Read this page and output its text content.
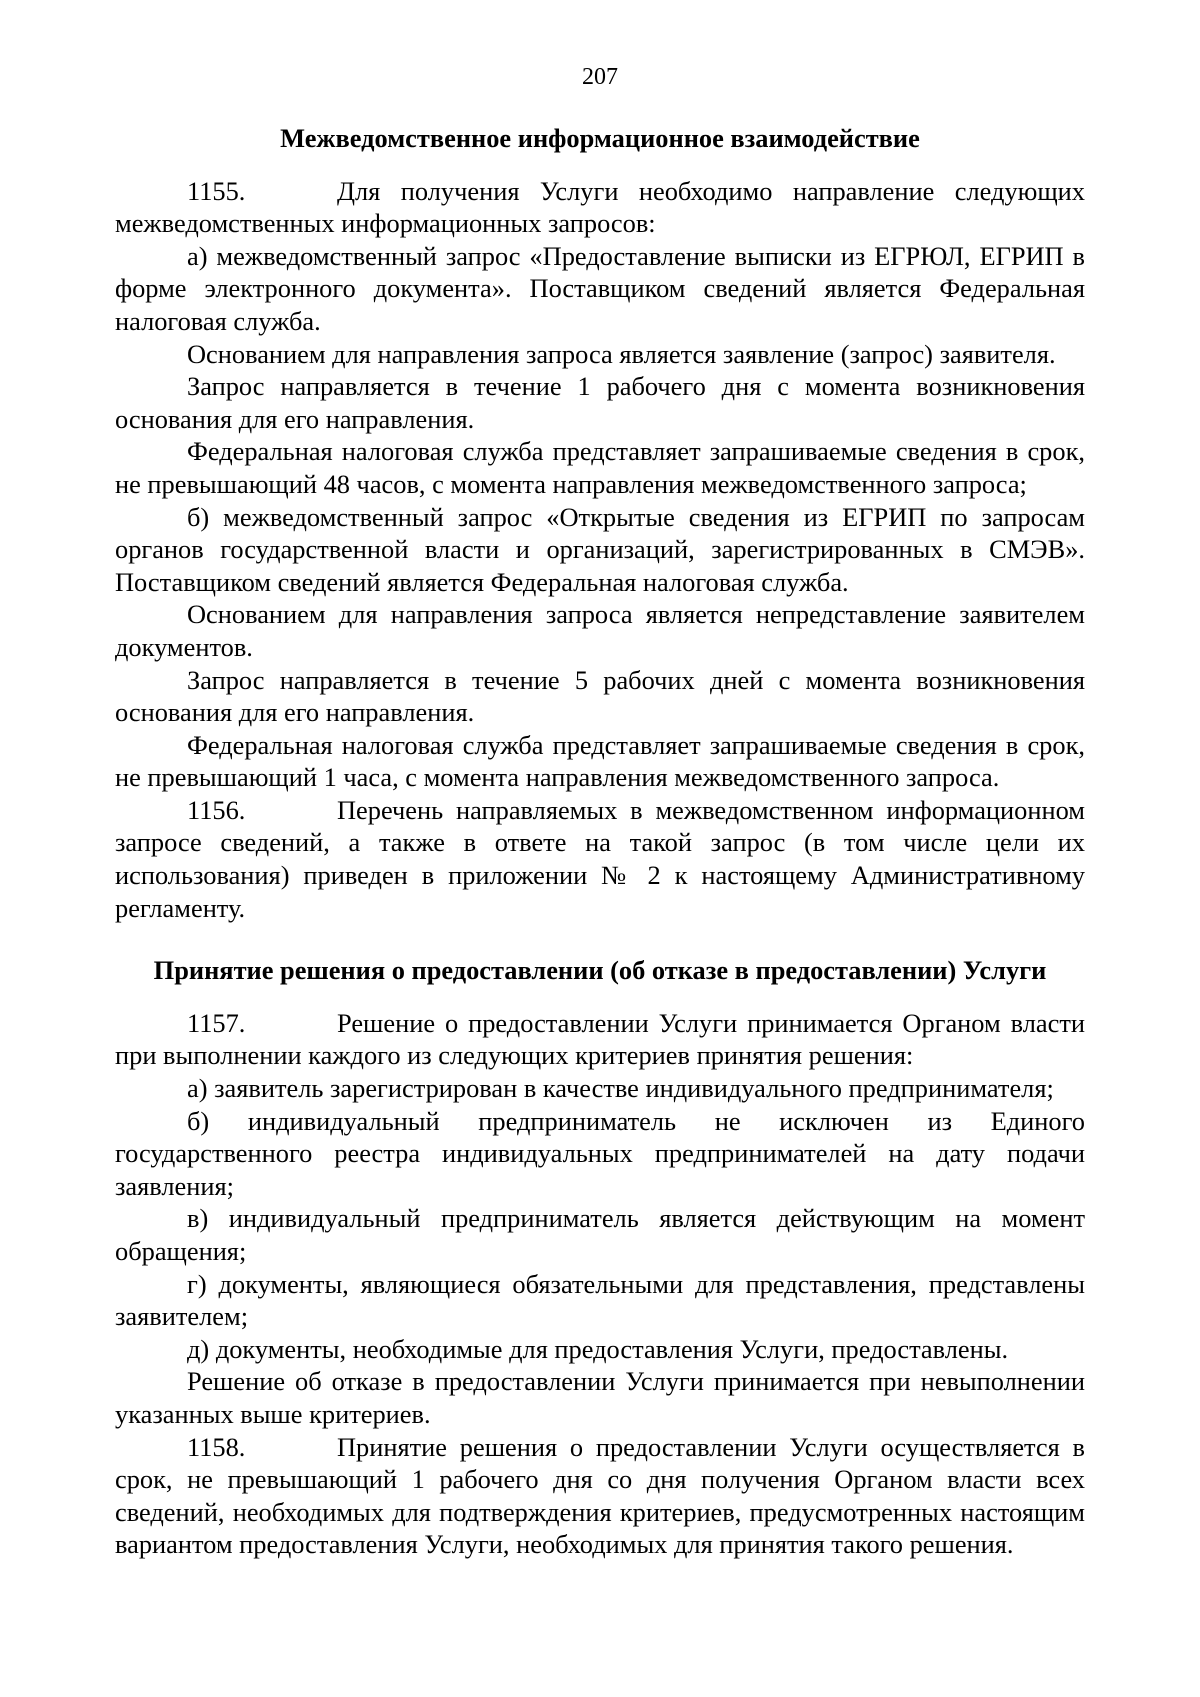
207
Межведомственное информационное взаимодействие

1155.	Для получения Услуги необходимо направление следующих межведомственных информационных запросов:

а) межведомственный запрос «Предоставление выписки из ЕГРЮЛ, ЕГРИП в форме электронного документа». Поставщиком сведений является Федеральная налоговая служба.

Основанием для направления запроса является заявление (запрос) заявителя.

Запрос направляется в течение 1 рабочего дня с момента возникновения основания для его направления.

Федеральная налоговая служба представляет запрашиваемые сведения в срок, не превышающий 48 часов, с момента направления межведомственного запроса;

б) межведомственный запрос «Открытые сведения из ЕГРИП по запросам органов государственной власти и организаций, зарегистрированных в СМЭВ». Поставщиком сведений является Федеральная налоговая служба.

Основанием для направления запроса является непредставление заявителем документов.

Запрос направляется в течение 5 рабочих дней с момента возникновения основания для его направления.

Федеральная налоговая служба представляет запрашиваемые сведения в срок, не превышающий 1 часа, с момента направления межведомственного запроса.

1156.	Перечень направляемых в межведомственном информационном запросе сведений, а также в ответе на такой запрос (в том числе цели их использования) приведен в приложении № 2 к настоящему Административному регламенту.

Принятие решения о предоставлении (об отказе в предоставлении) Услуги

1157.	Решение о предоставлении Услуги принимается Органом власти при выполнении каждого из следующих критериев принятия решения:

а) заявитель зарегистрирован в качестве индивидуального предпринимателя;

б) индивидуальный предприниматель не исключен из Единого государственного реестра индивидуальных предпринимателей на дату подачи заявления;

в) индивидуальный предприниматель является действующим на момент обращения;

г) документы, являющиеся обязательными для представления, представлены заявителем;

д) документы, необходимые для предоставления Услуги, предоставлены.

Решение об отказе в предоставлении Услуги принимается при невыполнении указанных выше критериев.

1158.	Принятие решения о предоставлении Услуги осуществляется в срок, не превышающий 1 рабочего дня со дня получения Органом власти всех сведений, необходимых для подтверждения критериев, предусмотренных настоящим вариантом предоставления Услуги, необходимых для принятия такого решения.
